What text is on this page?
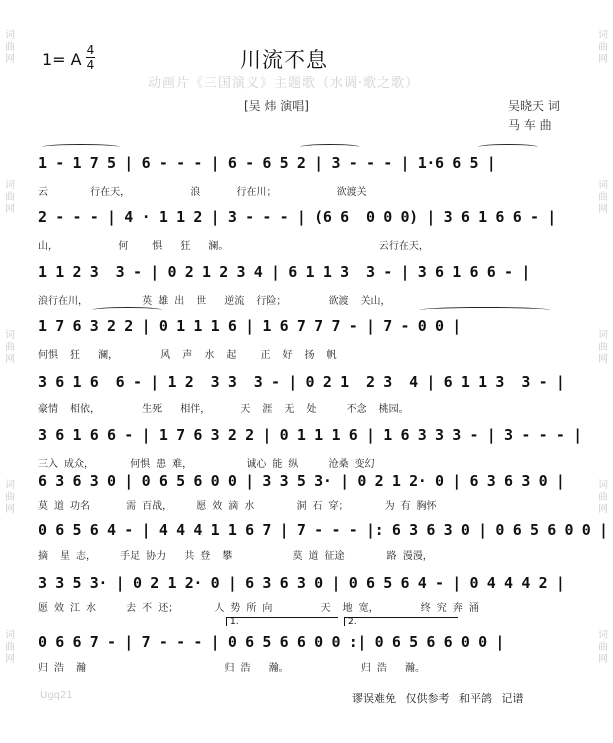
词
曲
网
词
曲
网
词
曲
网
词
曲
网
词
曲
网
词
曲
网
词
曲
网
词
曲
网
词
曲
网
词
曲
网
1= A 4
4	川流不息
动画片《三国演义》主题歌（水调·歌之歌）
[吴 炜 演唱]	吴晓天 词
马 车 曲
1 - 1 7 5 | 6 - - - | 6 - 6 5 2 | 3 - - - | 1·6 6 5 |
云       行在天，          浪      行在川；          欲渡关
2 - - - | 4 · 1 1 2 | 3 - - - | (6 6  0 0 0) | 3 6 1 6 6 - |
山，          何    惧   狂   澜。                         云行在天，
1 1 2 3  3 - | 0 2 1 2 3 4 | 6 1 1 3  3 - | 3 6 1 6 6 - |
浪行在川，         英 雄 出  世   逆流  行险；       欲渡  关山，
1 7 6 3 2 2 | 0 1 1 1 6 | 1 6 7 7 7 - | 7 - 0 0 |
何惧  狂   澜，       风  声  水  起    正  好  扬  帆
3 6 1 6  6 - | 1 2  3 3  3 - | 0 2 1  2 3  4 | 6 1 1 3  3 - |
豪情  相依，       生死   相伴，     天  涯  无  处     不念  桃园。
3 6 1 6 6 - | 1 7 6 3 2 2 | 0 1 1 1 6 | 1 6 3 3 3 - | 3 - - - |
三入 成众，      何惧 患 难，         诚心 能 纵     沧桑 变幻
6 3 6 3 0 | 0 6 5 6 0 0 | 3 3 5 3· | 0 2 1 2· 0 | 6 3 6 3 0 |
莫 道 功名      需 百战，    愿 效 滴 水       洞 石 穿；      为 有 胸怀
0 6 5 6 4 - | 4 4 4 1 1 6 7 | 7 - - - |: 6 3 6 3 0 | 0 6 5 6 0 0 |
摘  星 志，    手足 协力   共 登  攀          莫 道 征途       路 漫漫，
3 3 5 3· | 0 2 1 2· 0 | 6 3 6 3 0 | 0 6 5 6 4 - | 0 4 4 4 2 |
愿 效 江 水     去 不 还；      人 势 所 向        天  地 宽，       终 究 奔 涌
1.	2.
0 6 6 7 - | 7 - - - | 0 6 5 6 6 0 0 :| 0 6 5 6 6 0 0 |
归 浩  瀚                       归 浩   瀚。            归 浩   瀚。
Ugq21	谬误难免 仅供参考 和平鸽 记谱
